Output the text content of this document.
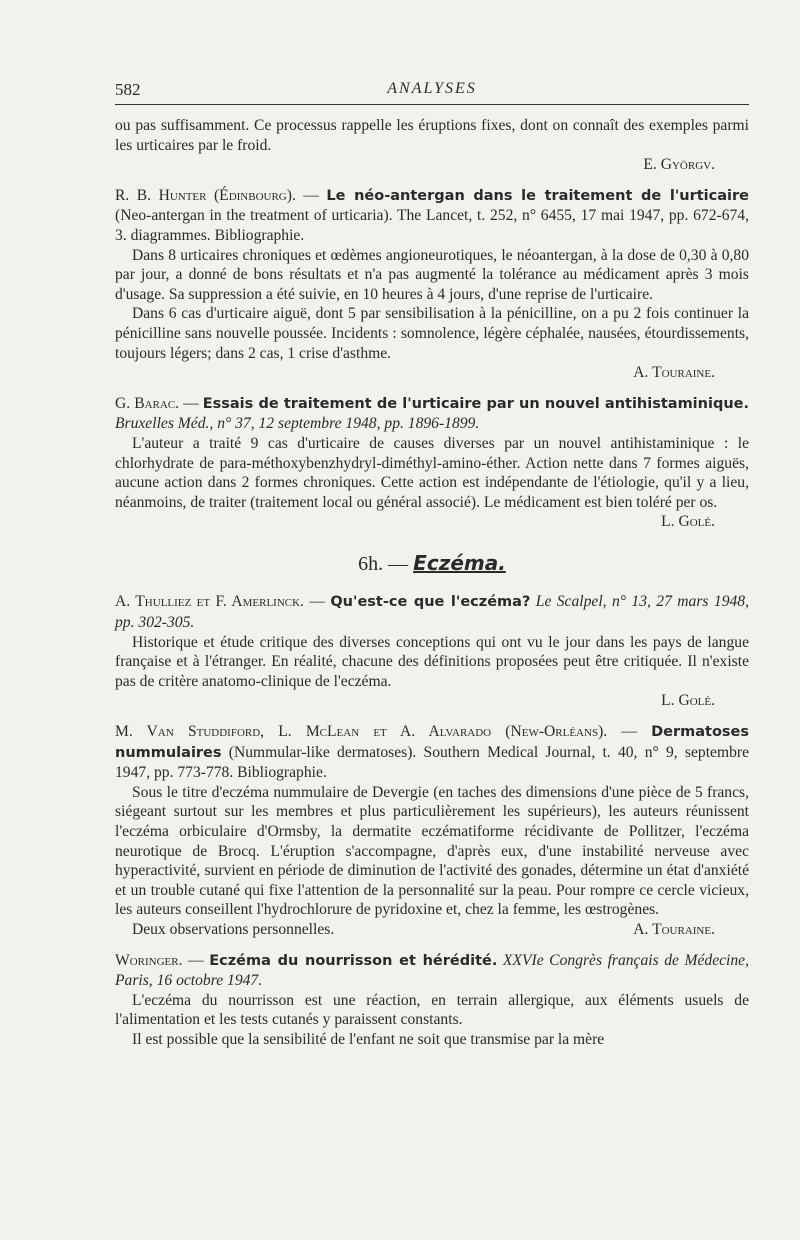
582	ANALYSES

ou pas suffisamment. Ce processus rappelle les éruptions fixes, dont on connaît des exemples parmi les urticaires par le froid.

E. Györgv.

R. B. Hunter (Édinbourg). — Le néo-antergan dans le traitement de l'urticaire (Neo-antergan in the treatment of urticaria). The Lancet, t. 252, n° 6455, 17 mai 1947, pp. 672-674, 3. diagrammes. Bibliographie.

Dans 8 urticaires chroniques et œdèmes angioneurotiques, le néoantergan, à la dose de 0,30 à 0,80 par jour, a donné de bons résultats et n'a pas augmenté la tolérance au médicament après 3 mois d'usage. Sa suppression a été suivie, en 10 heures à 4 jours, d'une reprise de l'urticaire.

Dans 6 cas d'urticaire aiguë, dont 5 par sensibilisation à la pénicilline, on a pu 2 fois continuer la pénicilline sans nouvelle poussée. Incidents : somnolence, légère céphalée, nausées, étourdissements, toujours légers; dans 2 cas, 1 crise d'asthme.

A. Touraine.

G. Barac. — Essais de traitement de l'urticaire par un nouvel antihistaminique. Bruxelles Méd., n° 37, 12 septembre 1948, pp. 1896-1899.

L'auteur a traité 9 cas d'urticaire de causes diverses par un nouvel antihistaminique : le chlorhydrate de para-méthoxybenzhydryl-diméthyl-amino-éther. Action nette dans 7 formes aiguës, aucune action dans 2 formes chroniques. Cette action est indépendante de l'étiologie, qu'il y a lieu, néanmoins, de traiter (traitement local ou général associé). Le médicament est bien toléré per os.

L. Golé.

6h. — Eczéma.

A. Thulliez et F. Amerlinck. — Qu'est-ce que l'eczéma? Le Scalpel, n° 13, 27 mars 1948, pp. 302-305.

Historique et étude critique des diverses conceptions qui ont vu le jour dans les pays de langue française et à l'étranger. En réalité, chacune des définitions proposées peut être critiquée. Il n'existe pas de critère anatomo-clinique de l'eczéma.

L. Golé.

M. Van Studdiford, L. McLean et A. Alvarado (New-Orléans). — Dermatoses nummulaires (Nummular-like dermatoses). Southern Medical Journal, t. 40, n° 9, septembre 1947, pp. 773-778. Bibliographie.

Sous le titre d'eczéma nummulaire de Devergie (en taches des dimensions d'une pièce de 5 francs, siégeant surtout sur les membres et plus particulièrement les supérieurs), les auteurs réunissent l'eczéma orbiculaire d'Ormsby, la dermatite eczématiforme récidivante de Pollitzer, l'eczéma neurotique de Brocq. L'éruption s'accompagne, d'après eux, d'une instabilité nerveuse avec hyperactivité, survient en période de diminution de l'activité des gonades, détermine un état d'anxiété et un trouble cutané qui fixe l'attention de la personnalité sur la peau. Pour rompre ce cercle vicieux, les auteurs conseillent l'hydrochlorure de pyridoxine et, chez la femme, les œstrogènes.

Deux observations personnelles.	A. Touraine.

Woringer. — Eczéma du nourrisson et hérédité. XXVIe Congrès français de Médecine, Paris, 16 octobre 1947.

L'eczéma du nourrisson est une réaction, en terrain allergique, aux éléments usuels de l'alimentation et les tests cutanés y paraissent constants.

Il est possible que la sensibilité de l'enfant ne soit que transmise par la mère
